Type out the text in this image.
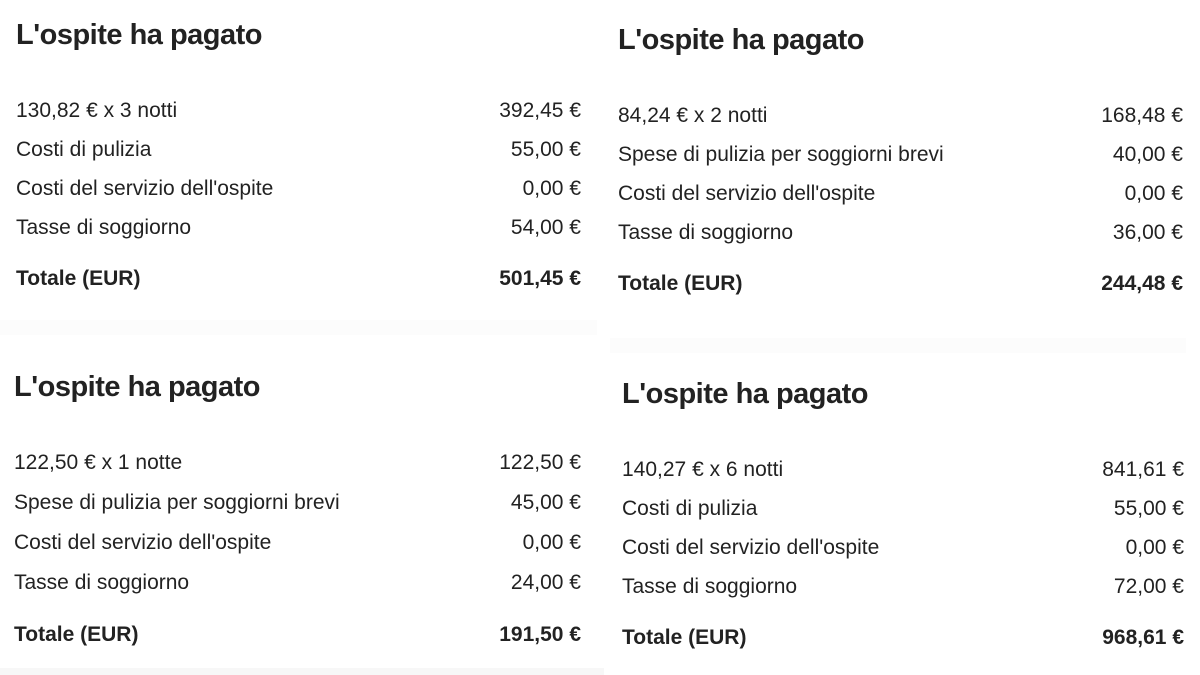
L'ospite ha pagato
130,82 € x 3 notti	392,45 €
Costi di pulizia	55,00 €
Costi del servizio dell'ospite	0,00 €
Tasse di soggiorno	54,00 €
Totale (EUR)	501,45 €
L'ospite ha pagato
84,24 € x 2 notti	168,48 €
Spese di pulizia per soggiorni brevi	40,00 €
Costi del servizio dell'ospite	0,00 €
Tasse di soggiorno	36,00 €
Totale (EUR)	244,48 €
L'ospite ha pagato
122,50 € x 1 notte	122,50 €
Spese di pulizia per soggiorni brevi	45,00 €
Costi del servizio dell'ospite	0,00 €
Tasse di soggiorno	24,00 €
Totale (EUR)	191,50 €
L'ospite ha pagato
140,27 € x 6 notti	841,61 €
Costi di pulizia	55,00 €
Costi del servizio dell'ospite	0,00 €
Tasse di soggiorno	72,00 €
Totale (EUR)	968,61 €
